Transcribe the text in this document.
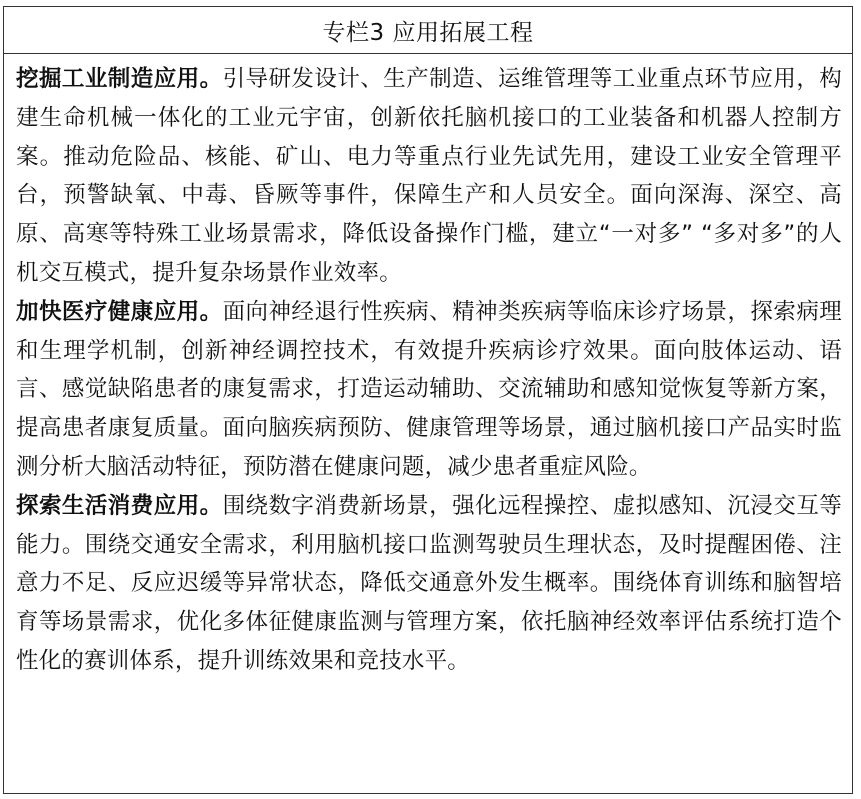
专栏3 应用拓展工程

挖掘工业制造应用。引导研发设计、生产制造、运维管理等工业重点环节应用，构建生命机械一体化的工业元宇宙，创新依托脑机接口的工业装备和机器人控制方案。推动危险品、核能、矿山、电力等重点行业先试先用，建设工业安全管理平台，预警缺氧、中毒、昏厥等事件，保障生产和人员安全。面向深海、深空、高原、高寒等特殊工业场景需求，降低设备操作门槛，建立“一对多” “多对多”的人机交互模式，提升复杂场景作业效率。

加快医疗健康应用。面向神经退行性疾病、精神类疾病等临床诊疗场景，探索病理和生理学机制，创新神经调控技术，有效提升疾病诊疗效果。面向肢体运动、语言、感觉缺陷患者的康复需求，打造运动辅助、交流辅助和感知觉恢复等新方案，提高患者康复质量。面向脑疾病预防、健康管理等场景，通过脑机接口产品实时监测分析大脑活动特征，预防潜在健康问题，减少患者重症风险。

探索生活消费应用。围绕数字消费新场景，强化远程操控、虚拟感知、沉浸交互等能力。围绕交通安全需求，利用脑机接口监测驾驶员生理状态，及时提醒困倦、注意力不足、反应迟缓等异常状态，降低交通意外发生概率。围绕体育训练和脑智培育等场景需求，优化多体征健康监测与管理方案，依托脑神经效率评估系统打造个性化的赛训体系，提升训练效果和竞技水平。
